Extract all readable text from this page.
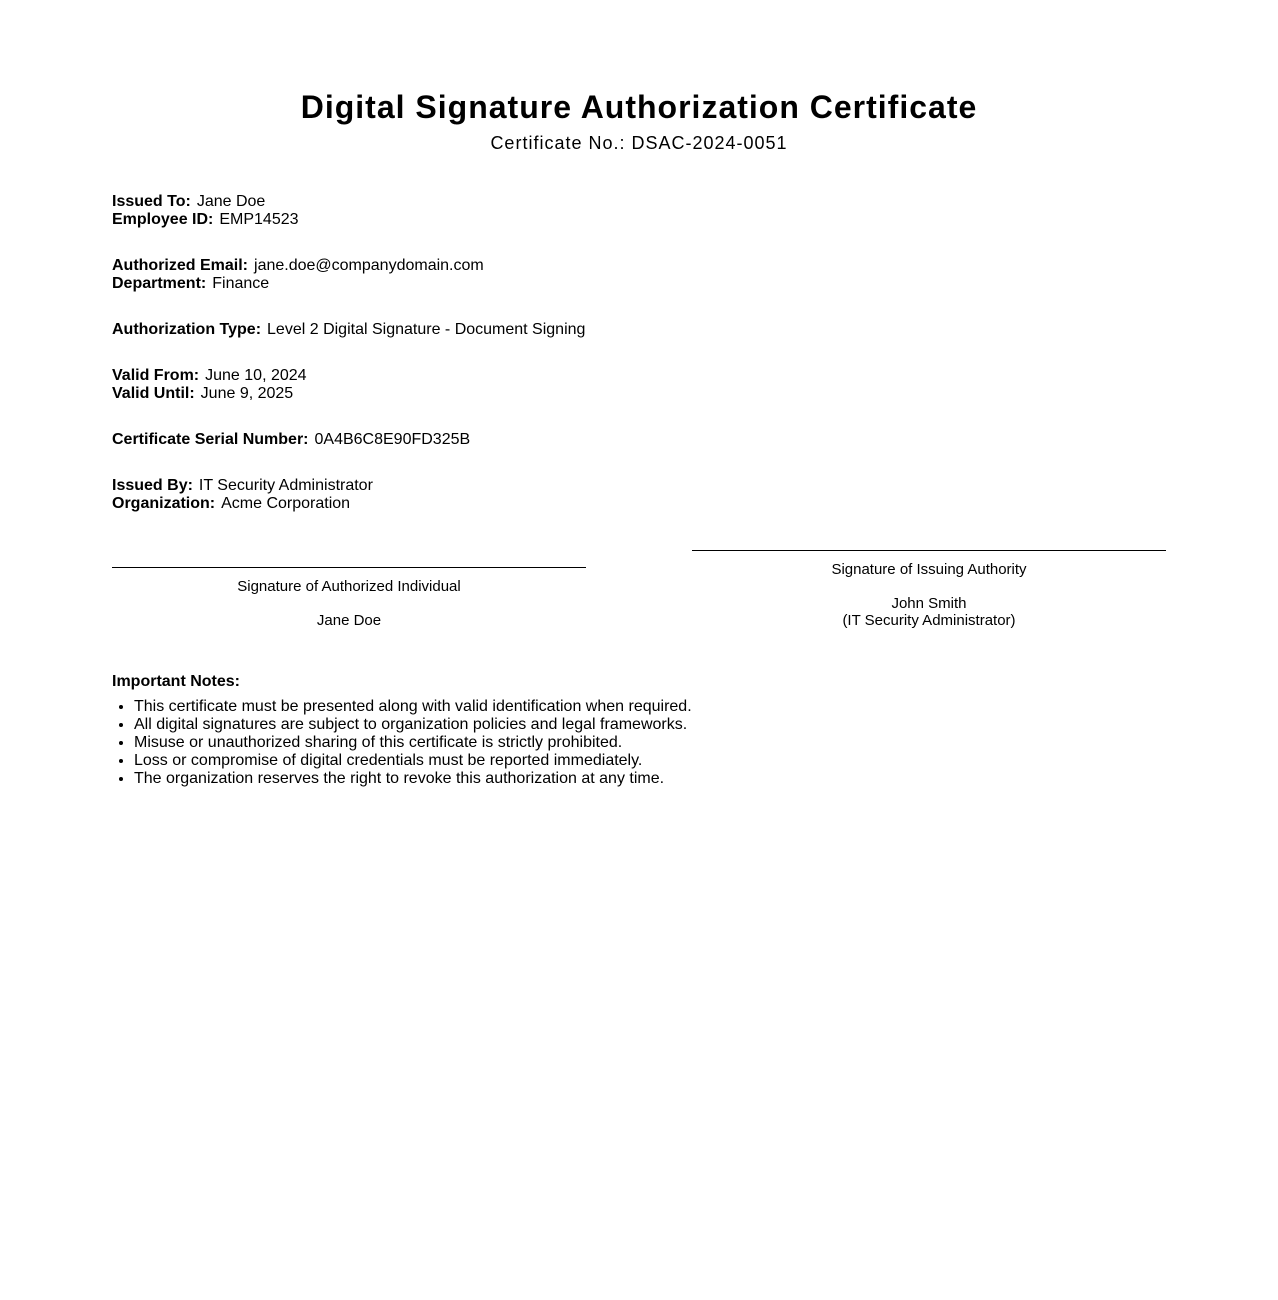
Digital Signature Authorization Certificate
Certificate No.: DSAC-2024-0051
Issued To: Jane Doe
Employee ID: EMP14523
Authorized Email: jane.doe@companydomain.com
Department: Finance
Authorization Type: Level 2 Digital Signature - Document Signing
Valid From: June 10, 2024
Valid Until: June 9, 2025
Certificate Serial Number: 0A4B6C8E90FD325B
Issued By: IT Security Administrator
Organization: Acme Corporation
Signature of Authorized Individual
Jane Doe
Signature of Issuing Authority
John Smith
(IT Security Administrator)
Important Notes:
• This certificate must be presented along with valid identification when required.
• All digital signatures are subject to organization policies and legal frameworks.
• Misuse or unauthorized sharing of this certificate is strictly prohibited.
• Loss or compromise of digital credentials must be reported immediately.
• The organization reserves the right to revoke this authorization at any time.
